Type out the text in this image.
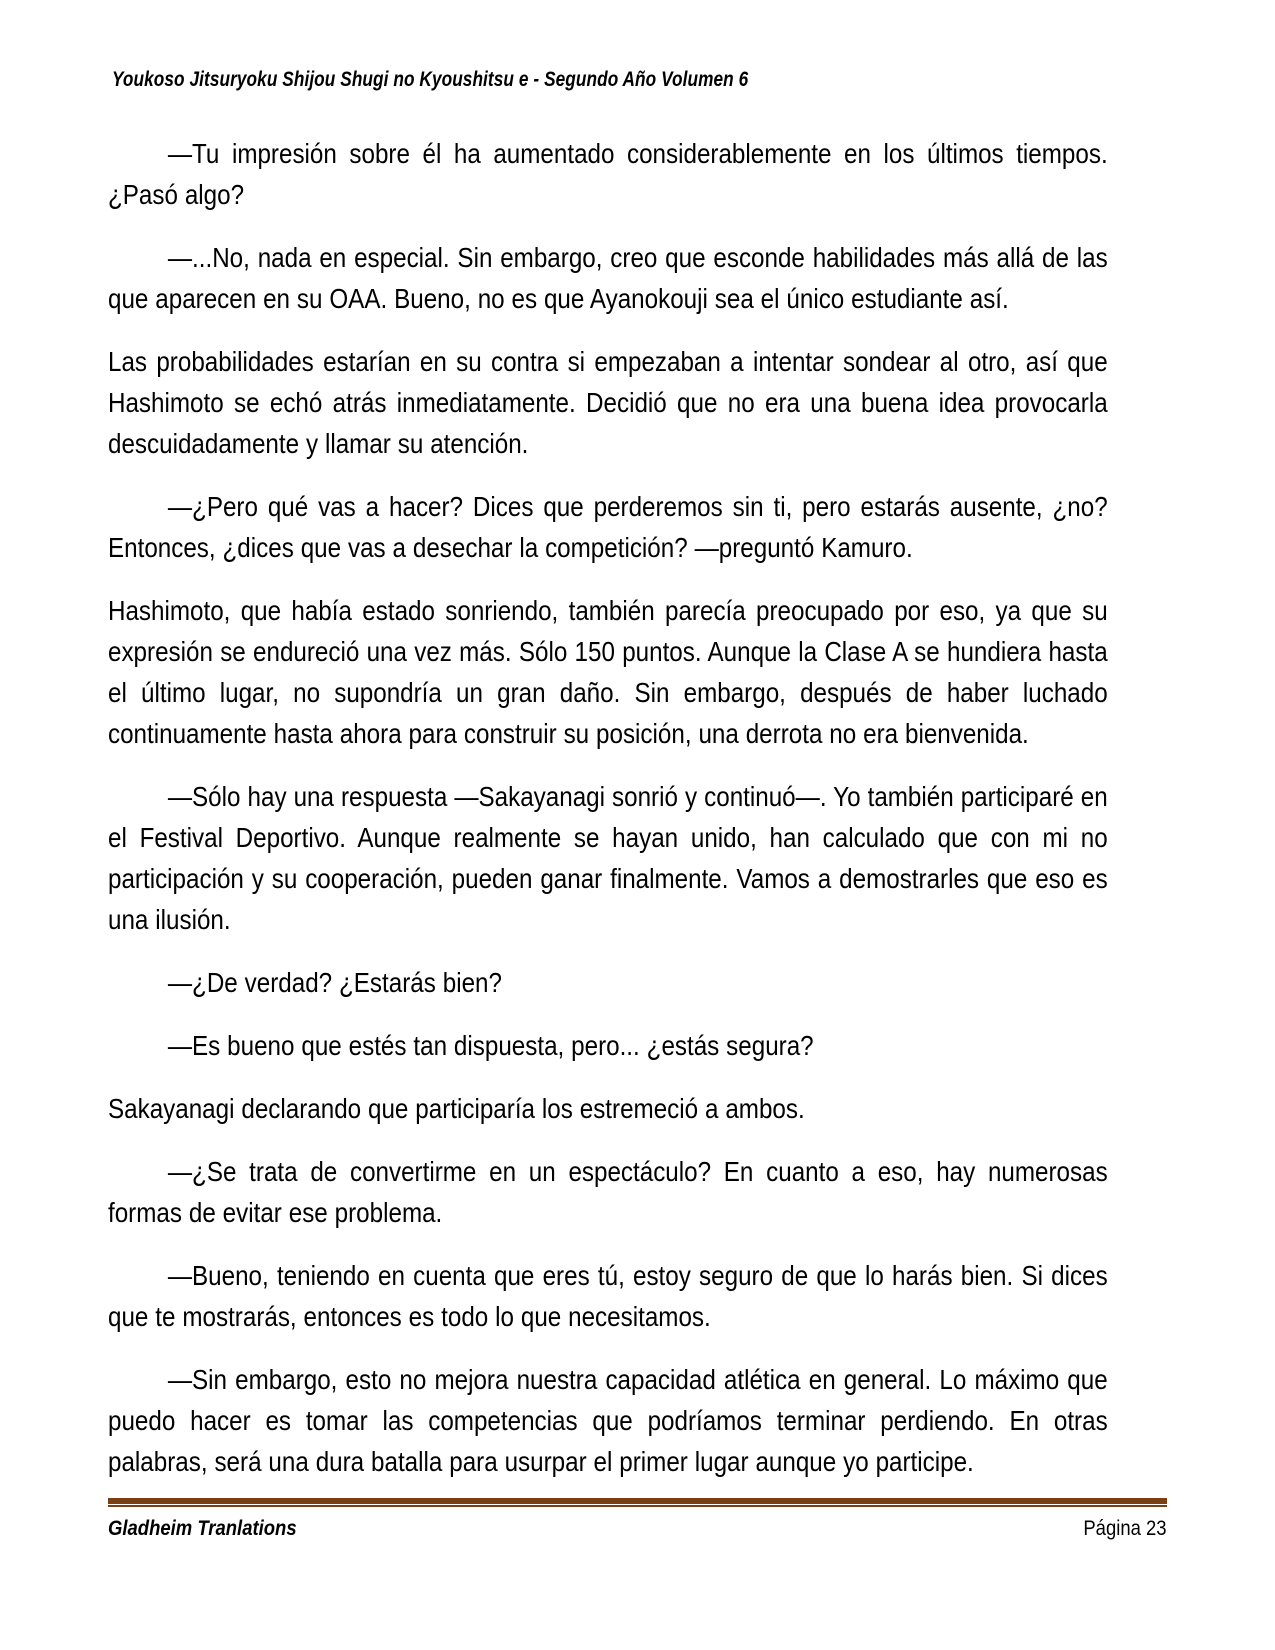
Youkoso Jitsuryoku Shijou Shugi no Kyoushitsu e - Segundo Año Volumen 6

—Tu impresión sobre él ha aumentado considerablemente en los últimos tiempos. ¿Pasó algo?

—...No, nada en especial. Sin embargo, creo que esconde habilidades más allá de las que aparecen en su OAA. Bueno, no es que Ayanokouji sea el único estudiante así.

Las probabilidades estarían en su contra si empezaban a intentar sondear al otro, así que Hashimoto se echó atrás inmediatamente. Decidió que no era una buena idea provocarla descuidadamente y llamar su atención.

—¿Pero qué vas a hacer? Dices que perderemos sin ti, pero estarás ausente, ¿no? Entonces, ¿dices que vas a desechar la competición? —preguntó Kamuro.

Hashimoto, que había estado sonriendo, también parecía preocupado por eso, ya que su expresión se endureció una vez más. Sólo 150 puntos. Aunque la Clase A se hundiera hasta el último lugar, no supondría un gran daño. Sin embargo, después de haber luchado continuamente hasta ahora para construir su posición, una derrota no era bienvenida.

—Sólo hay una respuesta —Sakayanagi sonrió y continuó—. Yo también participaré en el Festival Deportivo. Aunque realmente se hayan unido, han calculado que con mi no participación y su cooperación, pueden ganar finalmente. Vamos a demostrarles que eso es una ilusión.

—¿De verdad? ¿Estarás bien?

—Es bueno que estés tan dispuesta, pero... ¿estás segura?

Sakayanagi declarando que participaría los estremeció a ambos.

—¿Se trata de convertirme en un espectáculo? En cuanto a eso, hay numerosas formas de evitar ese problema.

—Bueno, teniendo en cuenta que eres tú, estoy seguro de que lo harás bien. Si dices que te mostrarás, entonces es todo lo que necesitamos.

—Sin embargo, esto no mejora nuestra capacidad atlética en general. Lo máximo que puedo hacer es tomar las competencias que podríamos terminar perdiendo. En otras palabras, será una dura batalla para usurpar el primer lugar aunque yo participe.

Gladheim Tranlations	Página 23
